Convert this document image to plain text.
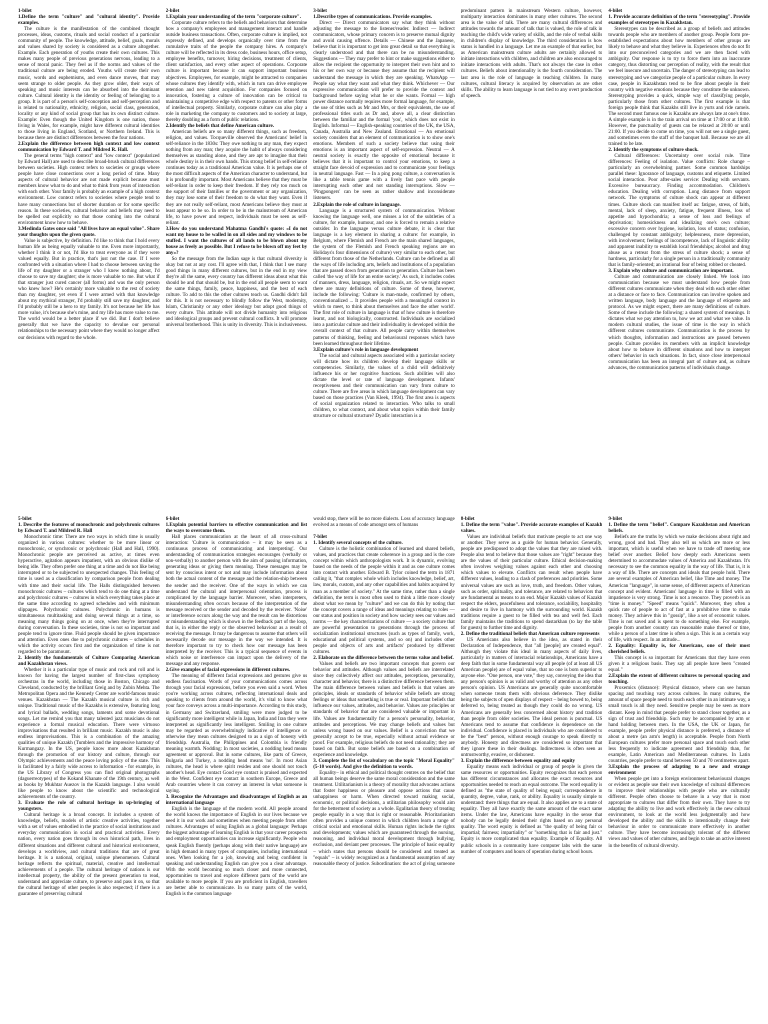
1-bilet

1.Define the term "culture" and "cultural identity". Provide examples.

The culture is the manifestation of the combined thought processes, ideas, customs, rituals and social conduct of a particular community of people. The knowledge, attitude, belief, goals, morals and values shared by society is considered as a culture altogether. Example. Each generation of youths create their own cultures. This makes many people of previous generations nervous, leading to a sense of moral panic. They feel as if the norms and values of the traditional culture are being eroded. Youths will create their own music, words and euphemisms, and even dance moves, that may seem strange to older people. As they grow older, their ways of speaking and music interests can be absorbed into the dominant culture. Cultural identity is the identity or feeling of belonging to a group. It is part of a person's self-conception and self-perception and is related to nationality, ethnicity, religion, social class, generation, locality or any kind of social group that has its own distinct culture. Example: Even though the United Kingdom is one nation, those living in Wales, for example, might have different cultural identities to those living in England, Scotland, or Northern Ireland. This is because there are distinct differences between the four nations.

2.Explain the difference between high context and low context communication by Edward T. and Mildred R. Hall.

The general terms "high context" and "low context" (popularized by Edward Hall) are used to describe broad-brush cultural differences between societies. High context refers to societies or groups where people have close connections over a long period of time. Many aspects of cultural behavior are not made explicit because most members know what to do and what to think from years of interaction with each other. Your family is probably an example of a high context environment. Low context refers to societies where people tend to have many connections but of shorter duration or for some specific reason. In these societies, cultural behavior and beliefs may need to be spelled out explicitly so that those coming into the cultural environment know how to behave.

3.Medinda Gates once said "All lives have an equal value". Share your thoughts upon the given quote.

Value is subjective, by definition. I'd like to think that I hold every human life as being equally valuable to me. Even more importantly, whether I think it or not, I'd like to treat everyone as if they were valued equally. But in practice, that's just not the case. If I were confronted with a situation where I had to choose between saving the life of my daughter or a stranger who I knew nothing about, I'd choose to save my daughter; she is more valuable to me. But what if that stranger just cured cancer (all forms) and was the only person who knew how? He's certainly more valuable to the rest of society than my daughter, yet even if I were armed with that knowledge about my mythical stranger, I'd probably still save my daughter, and I'd probably still be a hero to my family. It's not because her life has more value, it's because she's mine, and my life has more value to me. The world would be a better place if we did. But I don't believe generally that we have the capacity to devalue our personal relationships to the necessary point where they would no longer affect our decisions with regard to the whole.

2-bilet

1.Explain your understanding of the term "corporate culture".

Corporate culture refers to the beliefs and behaviors that determine how a company's employees and management interact and handle outside business transactions. Often, corporate culture is implied, not expressly defined, and develops organically over time from the cumulative traits of the people the company hires. A company's culture will be reflected in its dress code, business hours, office setup, employee benefits, turnover, hiring decisions, treatment of clients, client satisfaction, and every other aspect of operations. Corporate culture is important because it can support important business objectives. Employees, for example, might be attracted to companies whose cultures they identify with, which in turn can drive employee retention and new talent acquisition. For companies focused on innovation, fostering a culture of innovation can be critical to maintaining a competitive edge with respect to patents or other forms of intellectual property. Similarly, corporate culture can also play a role in marketing the company to customers and to society at large, thereby doubling as a form of public relations.

2.Identify the beliefs that define American culture.

American beliefs are so many different things, such as freedom, religion, and values. Tocqueville observed the Americans' belief in self-reliance in the 1830s: They owe nothing to any man, they expect nothing from any man; they acquire the habit of always considering themselves as standing alone, and they are apt to imagine that their whole destiny is in their own hands. This strong belief in self-reliance continues today as a traditional American value. It is perhaps one of the most difficult aspects of the American character to understand, but it is profoundly important. Most Americans believe that they must be self-reliant in order to keep their freedom. If they rely too much on the support of their families or the government or any organization, they may lose some of their freedom to do what they want. Even if they are not really self-reliant, most Americans believe they must at least appear to be so. In order to be in the mainstream of American life, to have power and respect, individuals must be seen as self-reliant.

3.How do you understand Mahatma Gandhi's quote: «I do not want my house to be walled in on all sides and my windows to be stuffed. I want the cultures of all lands to be blown about my house as freely as possible. But I refuse to be blown off my feet by any»?

So the message from the Indian sage is that cultural diversity is okay but not at any cost. I'll agree with that, I think that I see many good things in many different cultures, but in the end in my view they're all the same, every country has different ideas about what this should be and that should be, but in the end all people seem to want the same things, family, peace, happiness, and the best of each culture. To add to this the other cultures teach us. Gandhi didn't fall for this. It is not necessary to blindly follow the West, modernity, Islam, Christianity or any other ideology but adopt good things of every culture. This attitude will not divide humanity into religious and ideological groups and prevent cultural conflicts. It will promote universal brotherhood. This is unity in diversity. This is inclusiveness.

3-bilet

1.Describe types of communications. Provide examples.

Direct — Direct communicators say what they think without adjusting the message to the listener/reader. Indirect — Indirect communicators, whose primary concern is to preserve mutual dignity and avoid causing offence. Details — Chinese and the Japanese, believe that it is important to get into great detail so that everything is clearly understood and that there can be no misunderstanding. Suggestions — They may prefer to hint or make suggestions either to allow the recipient the opportunity to interpret their own hint and to his or her own way or because they assume that the recipient will understand the message in which they are speaking. WhatsApp — People say what they want and what they think. Whichever — Our expressive communication will prefer to provide the context and background before saying what he or she wants. Formal — high power distance normally requires more formal language, for example, the use of titles such as Mr and Mrs, or their equivalents, the use of professional titles such as Dr and, above all, a clear distinction between the familiar and the formal 'you', which does not exist in English. Informal — English-speaking countries of the UK, the USA, Canada, Australia and New Zealand. Emotional — An emotional society considers that an element of communication is to show one's emotions. Members of such a society believe that using their emotions is an important aspect of self-expression. Neutral — A neutral society is exactly the opposite of emotional because it believes that it is important to control your emotions, to keep a straight face devoid of expression and to communicate your feelings in neutral language. Fast — In a ping pong culture, a conversation is like a table tennis game with a lively fast pace with people interrupting each other and not standing interruptions. Slow — 'Pingpongers' can be seen as rather shallow and inconsiderate listeners.

2.Explain the role of culture in language.

Language is a structured system of communication. Without knowing the language well, one misses a lot of the subtleties of a culture, for example, humour, and one is forced to remain a relative outsider. In the language versus culture debate, it is clear that language is a key element in sharing a culture: for example, in Belgium, where Flemish and French are the main shared languages, the system of the Flemish and French speaking regions are on Holidays's four dimensions of culture) very similar to each other, but different from those of the Netherlands. Culture can be defined as all the ways of life including arts, beliefs and institutions of a population that are passed down from generation to generation. Culture has been called 'the way of life for an entire society.' As such, it includes codes of manners, dress, language, religion, rituals, art. So we might expect there are many definitions of culture. Some of these, however, include the following: 'Culture is man-made, confirmed by others, conventionalized ... It provides people with a meaningful context in which to meet, to think about themselves and face the other world'. The first role of culture in language is that of how culture is therefore learnt, and not biologically, constructed. Individuals are socialized into a particular culture and their individuality is developed within the overall context of that culture. All people carry within themselves patterns of thinking, feeling and behavioural responses which have been learned throughout their lifetime.

3.Explain culture's role in language development

The social and cultural aspects associated with a particular society will dictate how its children develop their language skills or competencies. Similarly, the values of a child will definitively influence his or her cognitive functions. Such abilities will also dictate the level or rate of language development. Infants' receptiveness and their communication can vary from culture to culture. There are five areas in which language development can vary based on those practices (Van Kleek, 1994). The first area is aspects of social organization related to interaction. Who talks to small children, to what context, and about what topics within their family structure or cultural structure? Dyadic interaction is a

predominant pattern in mainstream Western culture, however, multiparty interaction dominates in many other cultures. The second area is the value of talk. There are many cultural differences and attitudes towards the amount of talk that is valued, the role of talk in teaching the child's wide variety of skills, and the role of verbal skills in children's display of knowledge. The third consideration is how status is handled in a language. Let me an example of that earlier, but as American mainstream culture adults are certainly allowed to initiate interactions with children, and children are also encouraged to initiate interactions with adults. That's not always the case in other cultures. Beliefs about intentionality is the fourth consideration. The last area is the role of language in teaching children. In many cultures, cultural literacy is acquired by observation as are other skills. The ability to learn language is not tied to any overt production of speech.

4-bilet

1. Provide accurate definition of the term "stereotyping". Provide examples of stereotypes in Kazakhstan.

Stereotypes can be described as a group of beliefs and attitudes towards people who are members of another group. People form pre-established expectations about how members of other groups are likely to behave and what they believe in. Experiences often do not fit into our preconceived categories and we are then faced with ambiguity. Our response is to try to force them into an inaccurate category, thus distorting our perception of reality, with the result that we feel insecure and uncertain. The danger of stereotyping can lead to stereotyping and we categorize people of a particular culture. In every case, people in Kazakhstan tend to be fine about people in their country with negative emotions because they constitute the unknown. Stereotyping provides a quick, simple way of classifying people, particularly those from other cultures. The first example is that foreign people think that Kazakhs still live in yurts and ride camels. The second most famous one is Kazakhs are always late at one's time. A simple example is in the train arrival on time at 17:00 or at 18:00. However, the punctuality of guests can be relaxed at 20:00 or until 21:00. If you decide to come on time, you will not see a single guest, and sometimes even the staff of the banquet hall. Because we are all trained to be late.

2. Identify the symptoms of culture shock.

Cultural differences: Uncertainty over social rule. Time differences: Feeling of isolation. Value conflicts: Role change – particularly an overwhelming partner. Some common hardships parallel these: Ignorance of language, customs and etiquette. Limited social interaction. Poor after-sales service: Dealing with servants. Excessive bureaucracy. Finding accommodation. Children's education. Dealing with corruption. Long distance from support network. The symptoms of culture shock can appear at different times. Culture shock can manifest itself as: fatigue, stress, of faith, mental, lack of sleep, anxiety, fatigue, frequent illness, loss of appetite and hypochondria; a sense of loss and feelings of deprivation; homesickness and idealizing one's own culture; excessive concern over hygiene, isolation, loss of status; confusion, challenged by constant ambiguity; helplessness, more depression, with involvement; feelings of incompetence, lack of linguistic ability and apparent inability to establish local friendships; alcohol and drug abuse as a retreat from the stress of culture shock; a sense of hardness, particularly for a single person in a traditionally community that is family-oriented; an irrational fear of being robbed or cheated.

3. Explain why culture and communication are important.

Culture and communication are closely linked. We look into communication because we must understand how people from different cultures communicate when they deal with each other either at a distance or face to face. Communication can involve spoken and written language, body language and the language of etiquette and protocol. As we might expect, there are many definitions of culture. Some of these include the following: a shared system of meanings. It dictates what we pay attention to, how we act and what we value. In modern cultural studies, the issue of time is the way in which different cultures communicate. Communication is the process by which thoughts, information and instructions are passed between people. Culture provides its members with an implicit knowledge about how to behave in different situations and how to interpret others' behavior in such situations. In fact, since close interpersonal communication has been an integral part of culture and, as culture advances, the communication patterns of individuals change.

5-bilet

1. Describe the features of monochronic and polychronic cultures by Edward T. and Mildred R. Hall

Monochronic time: There are two ways in which time is usually organized in various cultures: whether to be more linear or monochronic, or synchronic or polychronic (Hall and Hall, 1990). Monochronic people are perceived as active, at times even hyperactive, agitation appears impatient, with an obvious dislike of being idle. They often prefer one thing at a time and do not like being interrupted or to be subjected to unexpected changes. This feeling of time is used as a classification by comparison people from dealing with time and their social life. The Halls distinguished between monochronic cultures – cultures which tend to do one thing at a time and polychronic cultures – cultures in which everything takes place at the same time according to agreed schedules and with minimum slippages. Polychronic cultures. Polychronic in humans is simultaneous multitasking and doing several things at a time, so meaning many things going on at once, when they're interrupted during conversation. In these societies, time is not so important and people tend to ignore time. Fluid people should be given importance and attention. Even ones due to polychronic cultures – schedules in which the activity occurs first and the organization of time is not regarded to be paramount.

2. Identify the fundamentals of Culture Comparing American and Kazakhstan views.

Whether it is a particular type of music and rock and roll and is known for having the largest number of first-class symphony orchestras in the world, including those in Boston, Chicago and Cleveland, conducted by the brilliant Greig and by Zubin Mehta. The Metropolitan Opera and the Kennedy Center are world-famous music venues. Kazakhstan — The Kazakh musical culture is rich and unique. Traditional music of the Kazakhs is extensive, featuring long and lyrical ballads, wedding songs, laments and some devotional songs. Let me remind you that many talented jazz musicians do not experience a formal musical education. There were virtuoso improvisations that resulted in brilliant music. Kazakh music is also endless improvisations. This is a combination of the amazing qualities of unique Kazakh (Tumblers and the impressive harmony of Kurmangazy. In the US, people know more about Kazakhstan through the promotion of our history and culture, through our Olympic achievements and the peace loving policy of the state. This is facilitated by a fairly wide access to information - for example, in the US Library of Congress you can find original photographs (daguerreotypes) of the Kokand Khanate of the 19th century, as well as books by Mukhtar Auezov in the Kazakh language. I also would like people to know about the scientific and technological achievements of the country.

3. Evaluate the role of cultural heritage in up-bringing of youngsters.

Cultural heritage is a broad concept. It includes a system of knowledge, beliefs, models of artistic creative activities, together with a set of values embodied in the practice of social institutions and everyday communication in social and practical activities. Every nation, every nation goes through its own historical path, lives in different situations and different cultural and historical environment, develops a worldview, and cultural traditions that are of great heritage. It is a national, original, unique phenomenon. Cultural heritage reflects the spiritual, material, creative and intellectual achievements of a people. The cultural heritage of nations is our intellectual property, the ability of the present generation to read, understand and appreciate culture, to preserve and pass it on, so that the cultural heritage of other peoples is also respected; if there is a guarantee of preserving cultural

6-bilet

1.Explain potential barriers to effective communication and list the ways to overcome them.

Hall places communication at the heart of all cross-cultural interaction: 'Culture is communication – it may be seen as a continuous process of communicating and interpreting'. Our understanding of communication strategies encourages (verbally or non-verbally) to another person with the aim of passing information, generating ideas or giving them meaning. These messages may be sent by conscious intent or not and may include information about both the actual content of the message and the relation-ship between the sender and the receiver. One of the ways in which we can understand the cultural and interpersonal orientation, process is complicated by the language barrier. Moreover, when interpreters, misunderstanding often occurs because of the interpretation of the message received or the sender and decoded by the receiver. 'Noise' or interference occurs along the way and the result can be distortions or misunderstanding which is shown in the feedback part of the loop, that is, in either the reply or the observed behaviour as a result of receiving the message. It may be dangerous to assume that others will necessarily decode our message in the way we intended. It is therefore important to try to check how our message has been interpreted by the receiver. This is a typical sequence of events in which noise or interference can impact upon the delivery of the message and any response.

2.Give examples of facial expressions in different cultures.

The meaning of different facial expressions and gestures give us endless fascination. Words of your communications comes across through your facial expressions, before you even said a word. When you're working across cultures, reflecting international deals and speaking to clients from around the world, it's vital to know what your face conveys across a multi-importance. According to this study, in Germany and Switzerland, smiling were more judged to be significantly more intelligent while in Japan, India and Iran they were interpreted as significantly less intelligent. Smiling in one culture may be regarded as overwhelmingly indicative of intelligence or otherwise they mean cultures designed to as a sign of honesty with friendship. Australia, the Philippines and Colombia is friendly meaning warmth. Nodding: In most societies, a nodding head means agreement or approval. But in some cultures, like parts of Greece, Bulgaria and Turkey, a nodding head means 'no'. In most Asian cultures, the head is where spirit resides and one should not touch another's head. Eye contact Good eye contact is praised and expected in the West. Confident eye contact in southern Europe, Greece and Arab countries where it can convey an interest in what someone is saying.

3. Recognize the Advantages and disadvantages of English as an international language

English is the language of the modern world. All people around the world knows the importance of English in our lives because we need it in our work and sometimes when meeting people from other cultures. Advantages of using English as a global language: Perhaps the biggest advantage of learning English is that your career prospects and employment opportunities can increase significantly. People who speak English fluently (perhaps along with their native language) are in high demand in many types of companies, including international ones. When looking for a job, knowing and being confident in speaking and understanding English can give you a clear advantage. With the world becoming so much closer and more connected, opportunities to travel and explore different parts of the world are available to more people. If you are proficient in English, travellers are better able to communicate. In so many parts of the world, English is the common language

would stop, there will be no more dialects. Loss of accuracy language evolved as a means of code amongst sets of humans

7-bilet

1. Identify several concepts of the culture.

Culture is the holistic combination of learned and shared beliefs, values, and practices that create coherence in a group and is the core concept within which anthropologists work. It is dynamic, evolving based on the needs of the people within it and as one culture comes into contact with another. Edward B. Tylor coined the term in 1871 calling it, "that complex whole which includes knowledge, belief, art, law, morals, custom, and any other capabilities and habits acquired by man as a member of society." At the same time, rather than a single definition, the term is most often used to think a little more closely about what we mean by "culture" and we can do this by noting that the concept covers a range of ideas and meanings relating to roles — our status and position in society and how society sees our values and norms — the key characterizations of culture — a society culture that are powerful presentation to generations through the process of socialization institutional structures (such as types of family, work, educational and political systems, and so on) and includes other people and objects of arts and artifacts' produced by different cultures.

2. Elaborate on the difference between the terms value and belief.

Values and beliefs are two important concepts that govern our behavior and attitudes. Although values and beliefs are interrelated since they collectively affect our attitudes, perceptions, personality, character and behavior, there is a distinctive difference between them. The main difference between values and beliefs is that values are principles, ideals or standards of behavior while beliefs are strong feelings or ideas that something is true or real. Important beliefs that influence our values, attitudes, and behavior. Values are principles or standards of behavior that are considered valuable or important in life. Values are fundamentally for a person's personality, behavior, attitudes and perceptions. We may change beliefs and values but unless wrong based on our values. Belief is a conviction that we generally accept to be true, especially without actual evidence or proof. For example, religious beliefs do not need rationality; they are based on faith. But some beliefs are based on a combination of experience and knowledge.

3. Complete the list of vocabulary on the topic "Moral Equality" (5-10 words). And give the definition to words.

Equality– in ethical and political thought centres on the belief that all human beings deserve the same moral consideration and the same treatment. Utilitarianism is a theory of morality that advocates actions that foster happiness or pleasure and oppose actions that cause unhappiness or harm. When directed toward making social, economic, or political decisions, a utilitarian philosophy would aim for the betterment of society as a whole. Egalitarian theory of treating people equally in a way that is right or reasonable. Prioritarianism often provides a unique context in which children learn a range of critical social and emotional skills. Human rights include the rights and developments; values which are guaranteed through the nursing, reasoning, and individual moral development through bullying, exclusion, and deviant peer processes. The principle of basic equality – which states that persons should be considered and treated as "equals" – is widely recognized as a fundamental assumption of any reasonable theory of justice. Subordination: the act of giving someone

8-bilet

1. Define the term "value". Provide accurate examples of Kazakh values.

Values are individual beliefs that motivate people to act one way or another. They serve as a guide for human behavior. Generally, people are predisposed to adopt the values that they are raised with. People also tend to believe that those values are "right" because they are the values of their particular culture. Ethical decision-making often involves weighing values against each other and choosing which values to elevate. Conflicts can result when people have different values, leading to a clash of preferences and priorities. Some universal values are such as love, truth, and freedom. Other values, such as order, spirituality, and tolerance, are related to behaviors that are fundamental as means to an end. Major Kazakh values of Kazakh respect the elders, peacefulness and tolerance, sociability, hospitality and desire to live in harmony with the surrounding world. Kazakh traditions require a guest to be filled with tea and well fed. Each family maintains the traditions to spend dastarkhan (to lay the table for guests) to further time and dignity.

2. Define the traditional beliefs that American culture represents

US Americans also believe in the idea, as stated in their Declaration of Independence, that "all [people] are created equal". Although they violate this ideal in many aspects of daily lives, particularly in matters of interracial relationships, Americans have a deep faith that in some fundamental way all people (of at least all US American people) are of equal value, that no one is born superior to anyone else. "One person, one vote," they say, conveying the idea that any person's opinion is as valid and worthy of attention as any other person's opinion. US Americans are generally quite uncomfortable when someone treats them with obvious deference. They dislike being the subjects of open displays of respect – being bowed to, being deferred to, being treated as though they could do no wrong. US Americans are generally less concerned about history and tradition than people from older societies. The ideal person is punctual. US Americans tend to assume that confidence is dependence on the individual. Confidence is placed in individuals who are considered to be the "best" person, without enough courage to speak directly to anybody. Honesty and directness are considered so important that they ignore these in their dealings. Indirectness is often seen as untrustworthy, evasive, or dishonest.

3. Explain the difference between equality and equity

Equality means each individual or group of people is given the same resources or opportunities. Equity recognizes that each person has different circumstances and allocates the exact resources and opportunities needed to reach an equal outcome. The word equality is defined as "the state of quality of being equal; correspondence in quantity, degree, value, rank, or ability. Equality is usually simple to understand: there things that are equal. It also applies are to a state of equality. They all have exactly the same amount of the exact same items. Under the law, Americans have equality in the sense that nobody can be legally denied their rights based on any personal quality. The word equity is defined as "the quality of being fair or impartial; fairness; impartiality" or "something that is fair and just." Equity is more complicated than equality. Example of Equality. All public schools in a community have computer labs with the same number of computers and hours of operation during school hours.

9-bilet

1. Define the term "belief". Compare Kazakhstan and American beliefs.

Beliefs are the truths by which we make decisions about right and wrong, good and bad. They also tell us which are more or less important, which is useful when we have to trade off meeting one belief over another. Belief how deeply each Americans seem determined to accommodate values of America and Kazakhstan. It's necessary to see the common equality in the way of life. That is, it is a way of life. There are concepts and ideals that people hold. There are several examples of American belief, like Time and money. The American "language", in some sense, of different aspects of American concept and evident. Americans' language in time is filled with an impatience is very strong. Time is not a resource. They proverb is an "time is money." "Speed" means "quick". Moreover, they often a quick rate of people to act of fast at a prohibitive time to make money. They achieve this in "gossip", like a set of economic values. Time is not saved and is spent to do something else. For example, people from another country can reasonable make thereof or time, while a person of a later time is often a sign. This is an a certain way of life, with respect. In an attitude...

2. Equality: Equality is, for Americans, one of their most cherished beliefs.

This concept is so important for Americans that they have even given it a religious basis. They say all people have been "created equal."

2.Explain the extent of different cultures to personal spacing and touching.

Proxemics (distance): Physical distance, where can see human spacing and touching vary across cultures. In many cultures, the amount of space people need to touch each other in an intimate way, a small touch is all they need. Sensitive people may be seen as more distant. Keep in mind that people prefer to stand closer together, as a sign of trust and friendship. Such may be accompanied by arm or hand holding between men. In the USA, the UK or Japan, for example, people prefer physical distance is preferred, a distance of about a metre (an arm's length) is acceptable. People from North European cultures prefer more personal space and touch each other less frequently to indicate agreement and friendship than, for example, Latin American and Mediterranean cultures. In Latin countries, people prefer to stand between 50 and 70 centimetres apart.

3.Explain the process of adapting to a new and strange environment

When people get into a foreign environment behavioural changes or evident as people use their own knowledge of cultural differences to improve their relationships with people who are culturally different. People often choose to behave in a way that is most appropriate to cultures that differ from their own. They have to try adapting the ability to live and work effectively in the new cultural environment, to look at the world less judgmentally and how developed the ability and the skills to intentionally change their behaviour in order to communicate more effectively in another culture. They have become increasingly tolerant of the different views and values of other cultures, and begin to take an active interest in the benefits of cultural diversity.
